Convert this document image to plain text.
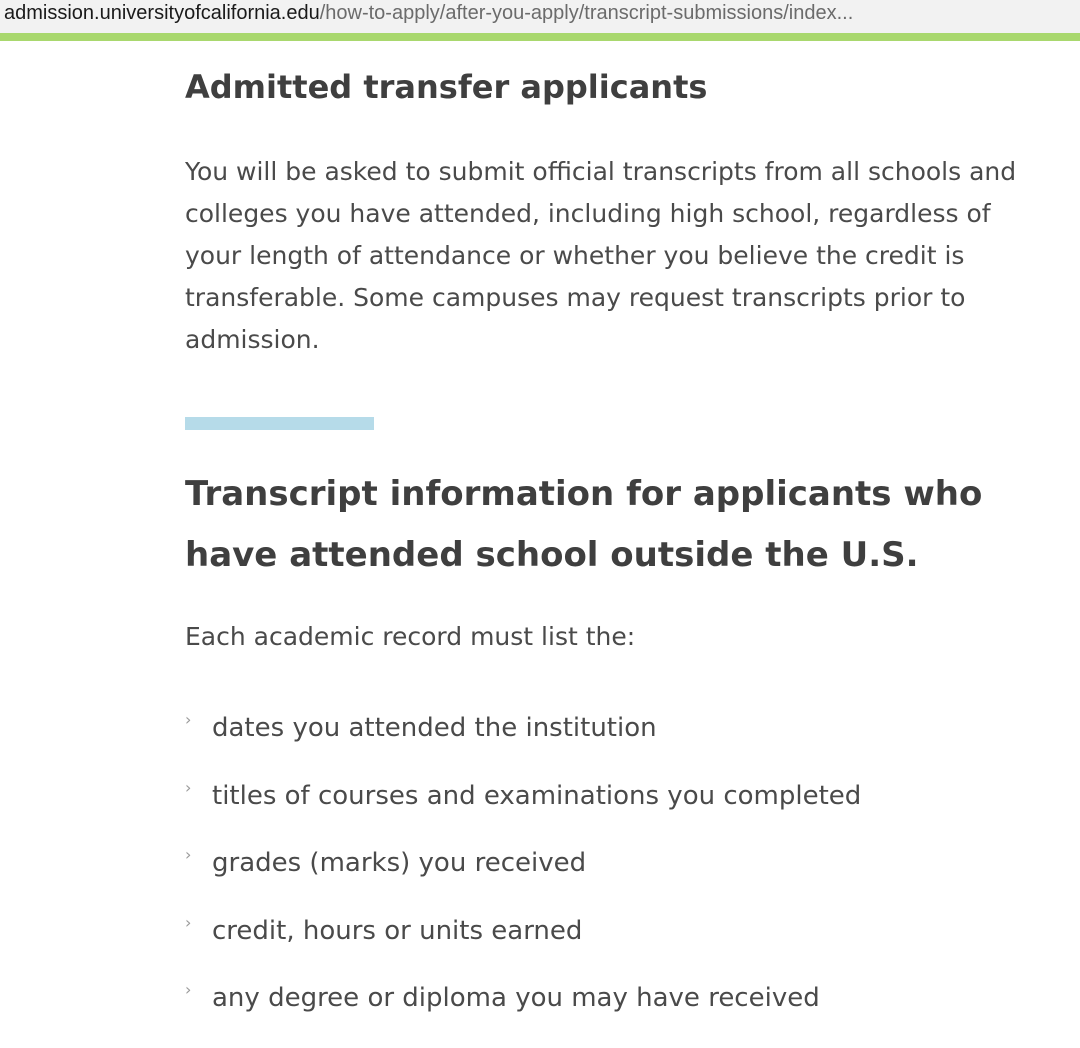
admission.universityofcalifornia.edu/how-to-apply/after-you-apply/transcript-submissions/index...
Admitted transfer applicants

You will be asked to submit official transcripts from all schools and colleges you have attended, including high school, regardless of your length of attendance or whether you believe the credit is transferable. Some campuses may request transcripts prior to admission.

Transcript information for applicants who have attended school outside the U.S.

Each academic record must list the:

› dates you attended the institution
› titles of courses and examinations you completed
› grades (marks) you received
› credit, hours or units earned
› any degree or diploma you may have received
